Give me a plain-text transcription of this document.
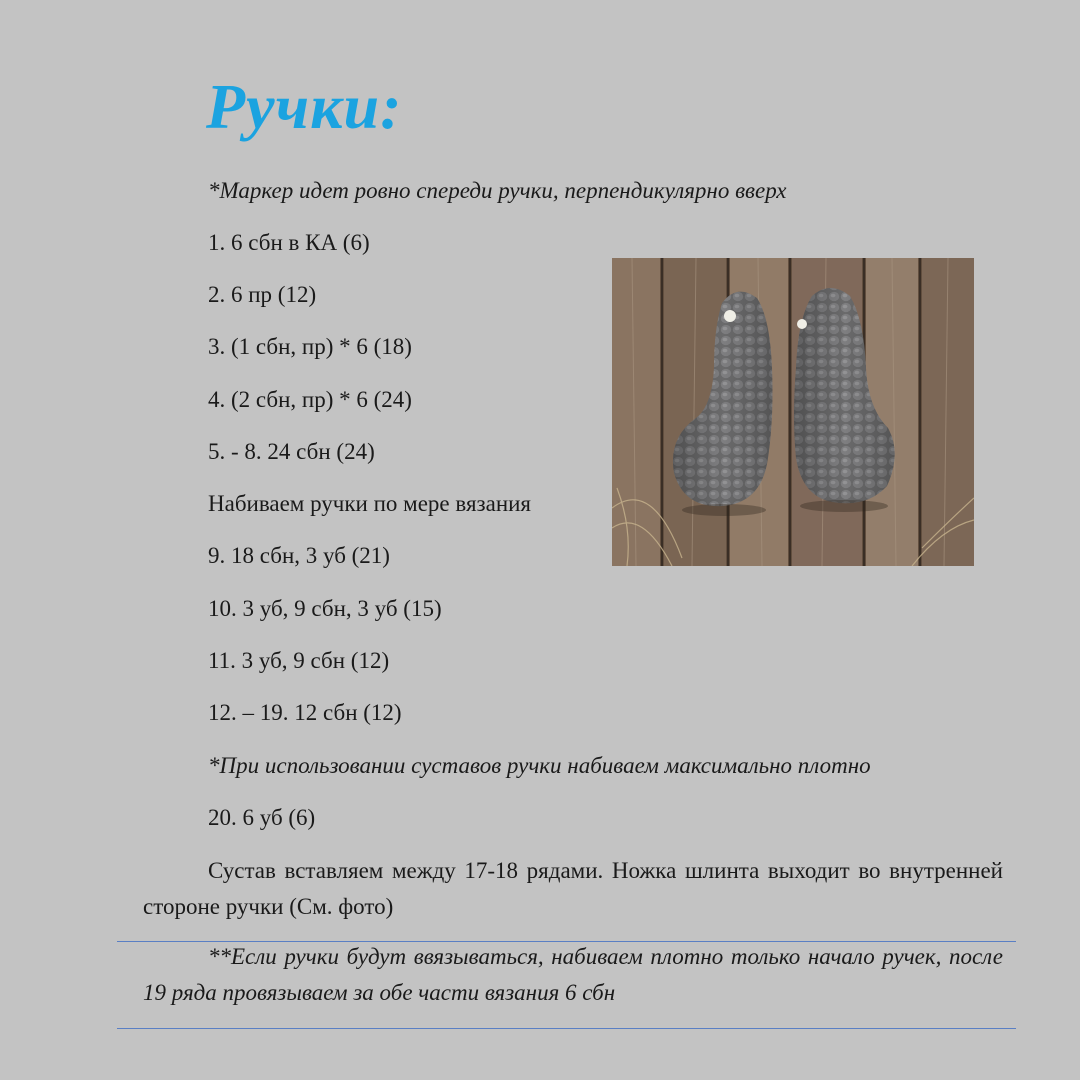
Ручки:
*Маркер идет ровно спереди ручки, перпендикулярно вверх
1. 6 сбн в КА (6)
2. 6 пр (12)
3. (1 сбн, пр) * 6 (18)
4. (2 сбн, пр) * 6 (24)
5. - 8. 24 сбн (24)
Набиваем ручки по мере вязания
9. 18 сбн, 3 уб (21)
10. 3 уб, 9 сбн, 3 уб (15)
11. 3 уб, 9 сбн (12)
12. – 19. 12 сбн (12)
*При использовании суставов ручки набиваем максимально плотно
20. 6 уб (6)
Сустав вставляем между 17-18 рядами. Ножка шлинта выходит во внутренней стороне ручки (См. фото)
**Если ручки будут ввязываться, набиваем плотно только начало ручек, после 19 ряда провязываем за обе части вязания 6 сбн
